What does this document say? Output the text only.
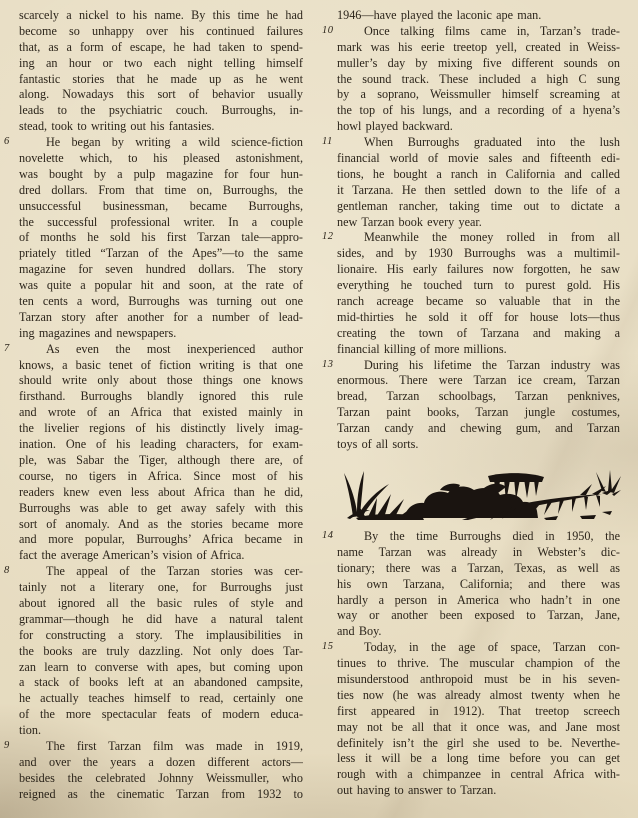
scarcely a nickel to his name. By this time he had
become so unhappy over his continued failures
that, as a form of escape, he had taken to spend-
ing an hour or two each night telling himself
fantastic stories that he made up as he went
along. Nowadays this sort of behavior usually
leads to the psychiatric couch. Burroughs, in-
stead, took to writing out his fantasies.
6	He began by writing a wild science-fiction
novelette which, to his pleased astonishment,
was bought by a pulp magazine for four hun-
dred dollars. From that time on, Burroughs, the
unsuccessful businessman, became Burroughs,
the successful professional writer. In a couple
of months he sold his first Tarzan tale—appro-
priately titled “Tarzan of the Apes”—to the same
magazine for seven hundred dollars. The story
was quite a popular hit and soon, at the rate of
ten cents a word, Burroughs was turning out one
Tarzan story after another for a number of lead-
ing magazines and newspapers.
7	As even the most inexperienced author
knows, a basic tenet of fiction writing is that one
should write only about those things one knows
firsthand. Burroughs blandly ignored this rule
and wrote of an Africa that existed mainly in
the livelier regions of his distinctly lively imag-
ination. One of his leading characters, for exam-
ple, was Sabar the Tiger, although there are, of
course, no tigers in Africa. Since most of his
readers knew even less about Africa than he did,
Burroughs was able to get away safely with this
sort of anomaly. And as the stories became more
and more popular, Burroughs’ Africa became in
fact the average American’s vision of Africa.
8	The appeal of the Tarzan stories was cer-
tainly not a literary one, for Burroughs just
about ignored all the basic rules of style and
grammar—though he did have a natural talent
for constructing a story. The implausibilities in
the books are truly dazzling. Not only does Tar-
zan learn to converse with apes, but coming upon
a stack of books left at an abandoned campsite,
he actually teaches himself to read, certainly one
of the more spectacular feats of modern educa-
tion.
9	The first Tarzan film was made in 1919,
and over the years a dozen different actors—
besides the celebrated Johnny Weissmuller, who
reigned as the cinematic Tarzan from 1932 to
1946—have played the laconic ape man.
10	Once talking films came in, Tarzan’s trade-
mark was his eerie treetop yell, created in Weiss-
muller’s day by mixing five different sounds on
the sound track. These included a high C sung
by a soprano, Weissmuller himself screaming at
the top of his lungs, and a recording of a hyena’s
howl played backward.
11	When Burroughs graduated into the lush
financial world of movie sales and fifteenth edi-
tions, he bought a ranch in California and called
it Tarzana. He then settled down to the life of a
gentleman rancher, taking time out to dictate a
new Tarzan book every year.
12	Meanwhile the money rolled in from all
sides, and by 1930 Burroughs was a multimil-
lionaire. His early failures now forgotten, he saw
everything he touched turn to purest gold. His
ranch acreage became so valuable that in the
mid-thirties he sold it off for house lots—thus
creating the town of Tarzana and making a
financial killing of more millions.
13	During his lifetime the Tarzan industry was
enormous. There were Tarzan ice cream, Tarzan
bread, Tarzan schoolbags, Tarzan penknives,
Tarzan paint books, Tarzan jungle costumes,
Tarzan candy and chewing gum, and Tarzan
toys of all sorts.
14	By the time Burroughs died in 1950, the
name Tarzan was already in Webster’s dic-
tionary; there was a Tarzan, Texas, as well as
his own Tarzana, California; and there was
hardly a person in America who hadn’t in one
way or another been exposed to Tarzan, Jane,
and Boy.
15	Today, in the age of space, Tarzan con-
tinues to thrive. The muscular champion of the
misunderstood anthropoid must be in his seven-
ties now (he was already almost twenty when he
first appeared in 1912). That treetop screech
may not be all that it once was, and Jane most
definitely isn’t the girl she used to be. Neverthe-
less it will be a long time before you can get
rough with a chimpanzee in central Africa with-
out having to answer to Tarzan.
